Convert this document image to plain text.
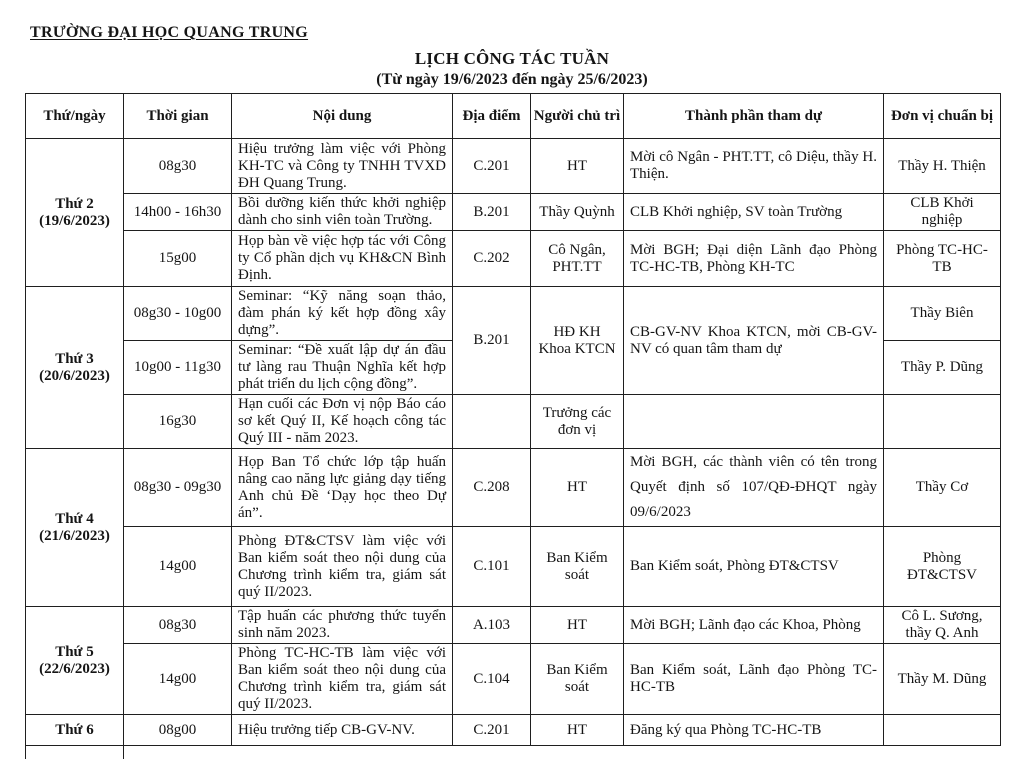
TRƯỜNG ĐẠI HỌC QUANG TRUNG
LỊCH CÔNG TÁC TUẦN
(Từ ngày 19/6/2023 đến ngày 25/6/2023)
Thứ/ngày	Thời gian	Nội dung	Địa điểm	Người chủ trì	Thành phần tham dự	Đơn vị chuẩn bị

Thứ 2
(19/6/2023)	08g30	Hiệu trưởng làm việc với Phòng KH-TC và Công ty TNHH TVXD ĐH Quang Trung.	C.201	HT	Mời cô Ngân - PHT.TT, cô Diệu, thầy H. Thiện.	Thầy H. Thiện
	14h00 - 16h30	Bồi dưỡng kiến thức khởi nghiệp dành cho sinh viên toàn Trường.	B.201	Thầy Quỳnh	CLB Khởi nghiệp, SV toàn Trường	CLB Khởi nghiệp
	15g00	Họp bàn về việc hợp tác với Công ty Cổ phần dịch vụ KH&CN Bình Định.	C.202	Cô Ngân, PHT.TT	Mời BGH; Đại diện Lãnh đạo Phòng TC-HC-TB, Phòng KH-TC	Phòng TC-HC-TB

Thứ 3
(20/6/2023)	08g30 - 10g00	Seminar: “Kỹ năng soạn thảo, đàm phán ký kết hợp đồng xây dựng”.	B.201	HĐ KH Khoa KTCN	CB-GV-NV Khoa KTCN, mời CB-GV-NV có quan tâm tham dự	Thầy Biên
	10g00 - 11g30	Seminar: “Đề xuất lập dự án đầu tư làng rau Thuận Nghĩa kết hợp phát triển du lịch cộng đồng”.				Thầy P. Dũng
	16g30	Hạn cuối các Đơn vị nộp Báo cáo sơ kết Quý II, Kế hoạch công tác Quý III - năm 2023.		Trưởng các đơn vị		

Thứ 4
(21/6/2023)	08g30 - 09g30	Họp Ban Tổ chức lớp tập huấn nâng cao năng lực giảng dạy tiếng Anh chủ Đề ‘Dạy học theo Dự án”.	C.208	HT	Mời BGH, các thành viên có tên trong Quyết định số 107/QĐ-ĐHQT ngày 09/6/2023	Thầy Cơ
	14g00	Phòng ĐT&CTSV làm việc với Ban kiểm soát theo nội dung của Chương trình kiểm tra, giám sát quý II/2023.	C.101	Ban Kiểm soát	Ban Kiểm soát, Phòng ĐT&CTSV	Phòng ĐT&CTSV

Thứ 5
(22/6/2023)	08g30	Tập huấn các phương thức tuyển sinh năm 2023.	A.103	HT	Mời BGH; Lãnh đạo các Khoa, Phòng	Cô L. Sương, thầy Q. Anh
	14g00	Phòng TC-HC-TB làm việc với Ban kiểm soát theo nội dung của Chương trình kiểm tra, giám sát quý II/2023.	C.104	Ban Kiểm soát	Ban Kiểm soát, Lãnh đạo Phòng TC-HC-TB	Thầy M. Dũng

Thứ 6	08g00	Hiệu trưởng tiếp CB-GV-NV.	C.201	HT	Đăng ký qua Phòng TC-HC-TB	
